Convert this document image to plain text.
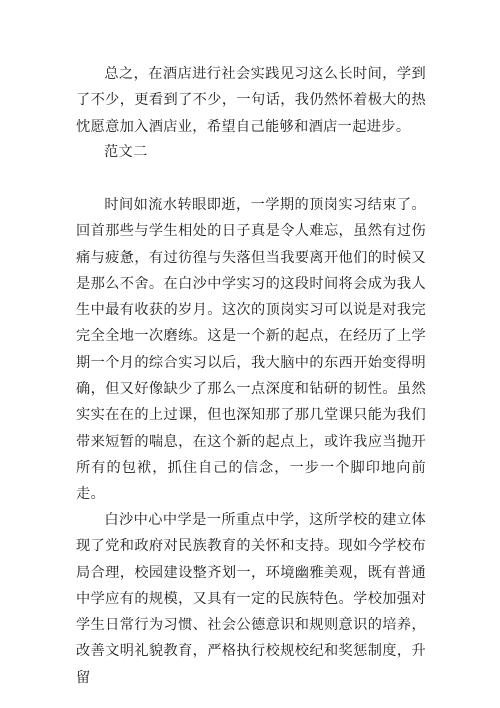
总之，在酒店进行社会实践见习这么长时间，学到了不少，更看到了不少，一句话，我仍然怀着极大的热忱愿意加入酒店业，希望自己能够和酒店一起进步。

范文二

时间如流水转眼即逝，一学期的顶岗实习结束了。回首那些与学生相处的日子真是令人难忘，虽然有过伤痛与疲惫，有过彷徨与失落但当我要离开他们的时候又是那么不舍。在白沙中学实习的这段时间将会成为我人生中最有收获的岁月。这次的顶岗实习可以说是对我完完全全地一次磨练。这是一个新的起点，在经历了上学期一个月的综合实习以后，我大脑中的东西开始变得明确，但又好像缺少了那么一点深度和钻研的韧性。虽然实实在在的上过课，但也深知那了那几堂课只能为我们带来短暂的喘息，在这个新的起点上，或许我应当抛开所有的包袱，抓住自己的信念，一步一个脚印地向前走。

白沙中心中学是一所重点中学，这所学校的建立体现了党和政府对民族教育的关怀和支持。现如今学校布局合理，校园建设整齐划一，环境幽雅美观，既有普通中学应有的规模，又具有一定的民族特色。学校加强对学生日常行为习惯、社会公德意识和规则意识的培养，改善文明礼貌教育，严格执行校规校纪和奖惩制度，升留
